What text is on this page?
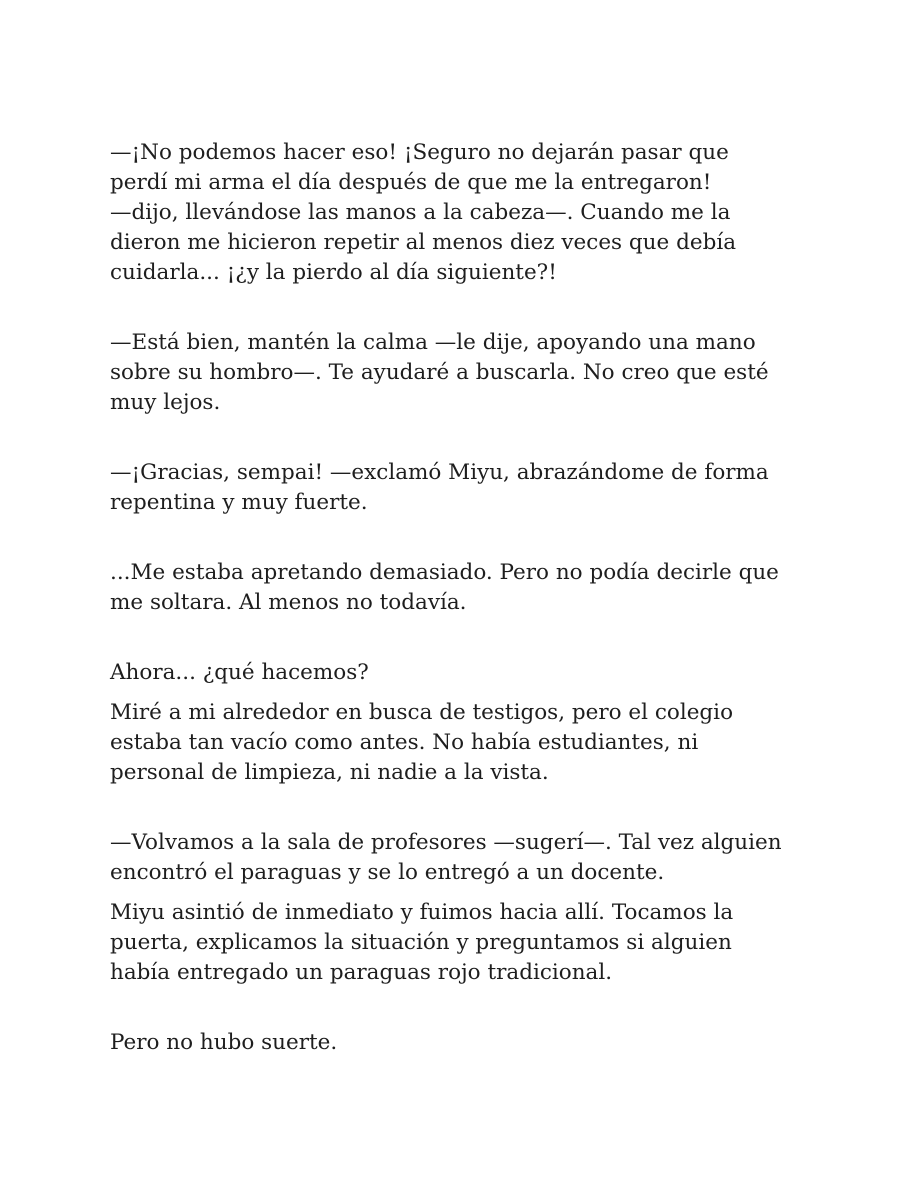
—¡No podemos hacer eso! ¡Seguro no dejarán pasar que
perdí mi arma el día después de que me la entregaron!
—dijo, llevándose las manos a la cabeza—. Cuando me la
dieron me hicieron repetir al menos diez veces que debía
cuidarla... ¡¿y la pierdo al día siguiente?!

—Está bien, mantén la calma —le dije, apoyando una mano
sobre su hombro—. Te ayudaré a buscarla. No creo que esté
muy lejos.

—¡Gracias, sempai! —exclamó Miyu, abrazándome de forma
repentina y muy fuerte.

...Me estaba apretando demasiado. Pero no podía decirle que
me soltara. Al menos no todavía.

Ahora... ¿qué hacemos?

Miré a mi alrededor en busca de testigos, pero el colegio
estaba tan vacío como antes. No había estudiantes, ni
personal de limpieza, ni nadie a la vista.

—Volvamos a la sala de profesores —sugerí—. Tal vez alguien
encontró el paraguas y se lo entregó a un docente.

Miyu asintió de inmediato y fuimos hacia allí. Tocamos la
puerta, explicamos la situación y preguntamos si alguien
había entregado un paraguas rojo tradicional.

Pero no hubo suerte.
